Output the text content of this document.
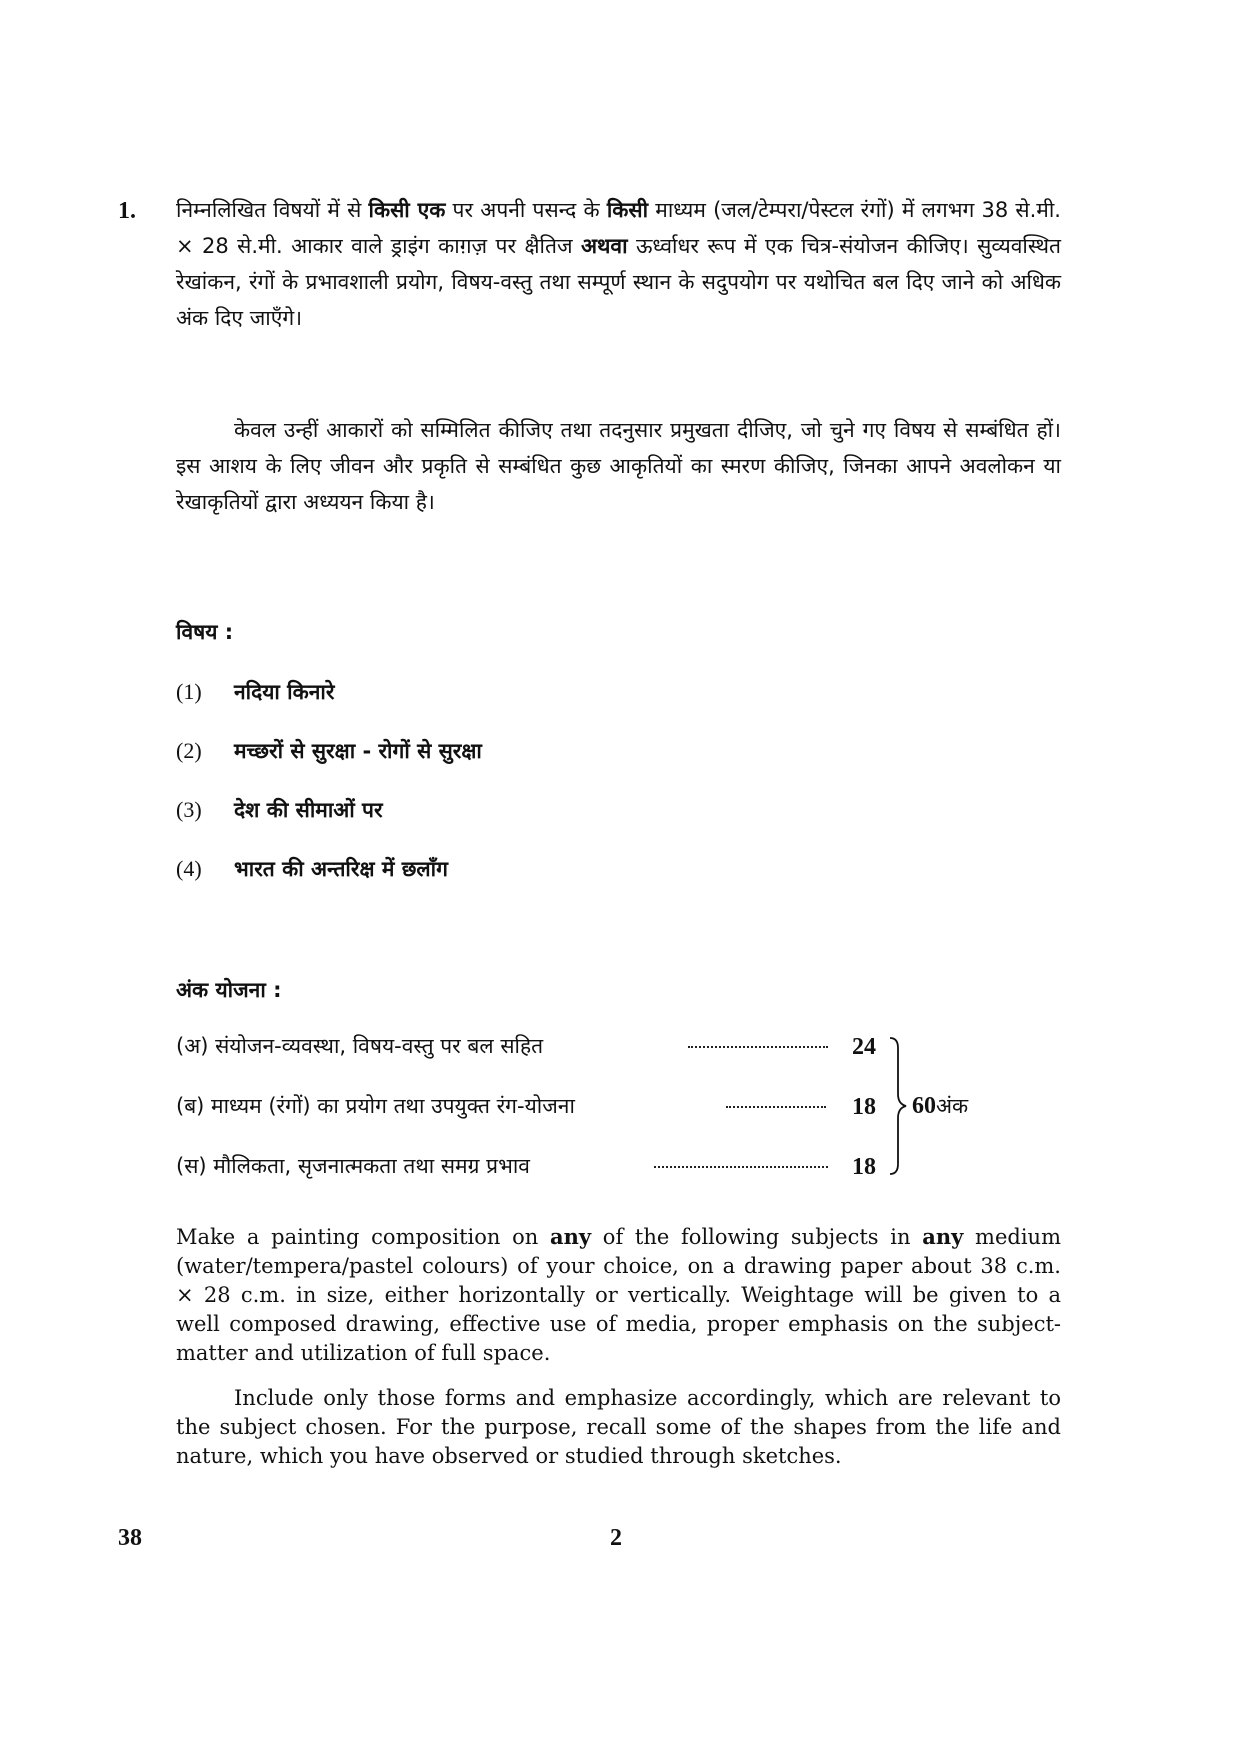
1. निम्नलिखित विषयों में से किसी एक पर अपनी पसन्द के किसी माध्यम (जल/टेम्परा/पेस्टल रंगों) में लगभग 38 से.मी. × 28 से.मी. आकार वाले ड्राइंग काग़ज़ पर क्षैतिज अथवा ऊर्ध्वाधर रूप में एक चित्र-संयोजन कीजिए। सुव्यवस्थित रेखांकन, रंगों के प्रभावशाली प्रयोग, विषय-वस्तु तथा सम्पूर्ण स्थान के सदुपयोग पर यथोचित बल दिए जाने को अधिक अंक दिए जाएँगे।

केवल उन्हीं आकारों को सम्मिलित कीजिए तथा तदनुसार प्रमुखता दीजिए, जो चुने गए विषय से सम्बंधित हों। इस आशय के लिए जीवन और प्रकृति से सम्बंधित कुछ आकृतियों का स्मरण कीजिए, जिनका आपने अवलोकन या रेखाकृतियों द्वारा अध्ययन किया है।

विषय :
(1) नदिया किनारे
(2) मच्छरों से सुरक्षा - रोगों से सुरक्षा
(3) देश की सीमाओं पर
(4) भारत की अन्तरिक्ष में छलाँग
अंक योजना :
(अ) संयोजन-व्यवस्था, विषय-वस्तु पर बल सहित	24
(ब) माध्यम (रंगों) का प्रयोग तथा उपयुक्त रंग-योजना	18
(स) मौलिकता, सृजनात्मकता तथा समग्र प्रभाव	18
60अंक

Make a painting composition on any of the following subjects in any medium (water/tempera/pastel colours) of your choice, on a drawing paper about 38 c.m. × 28 c.m. in size, either horizontally or vertically. Weightage will be given to a well composed drawing, effective use of media, proper emphasis on the subject-matter and utilization of full space.

Include only those forms and emphasize accordingly, which are relevant to the subject chosen. For the purpose, recall some of the shapes from the life and nature, which you have observed or studied through sketches.

38	2
